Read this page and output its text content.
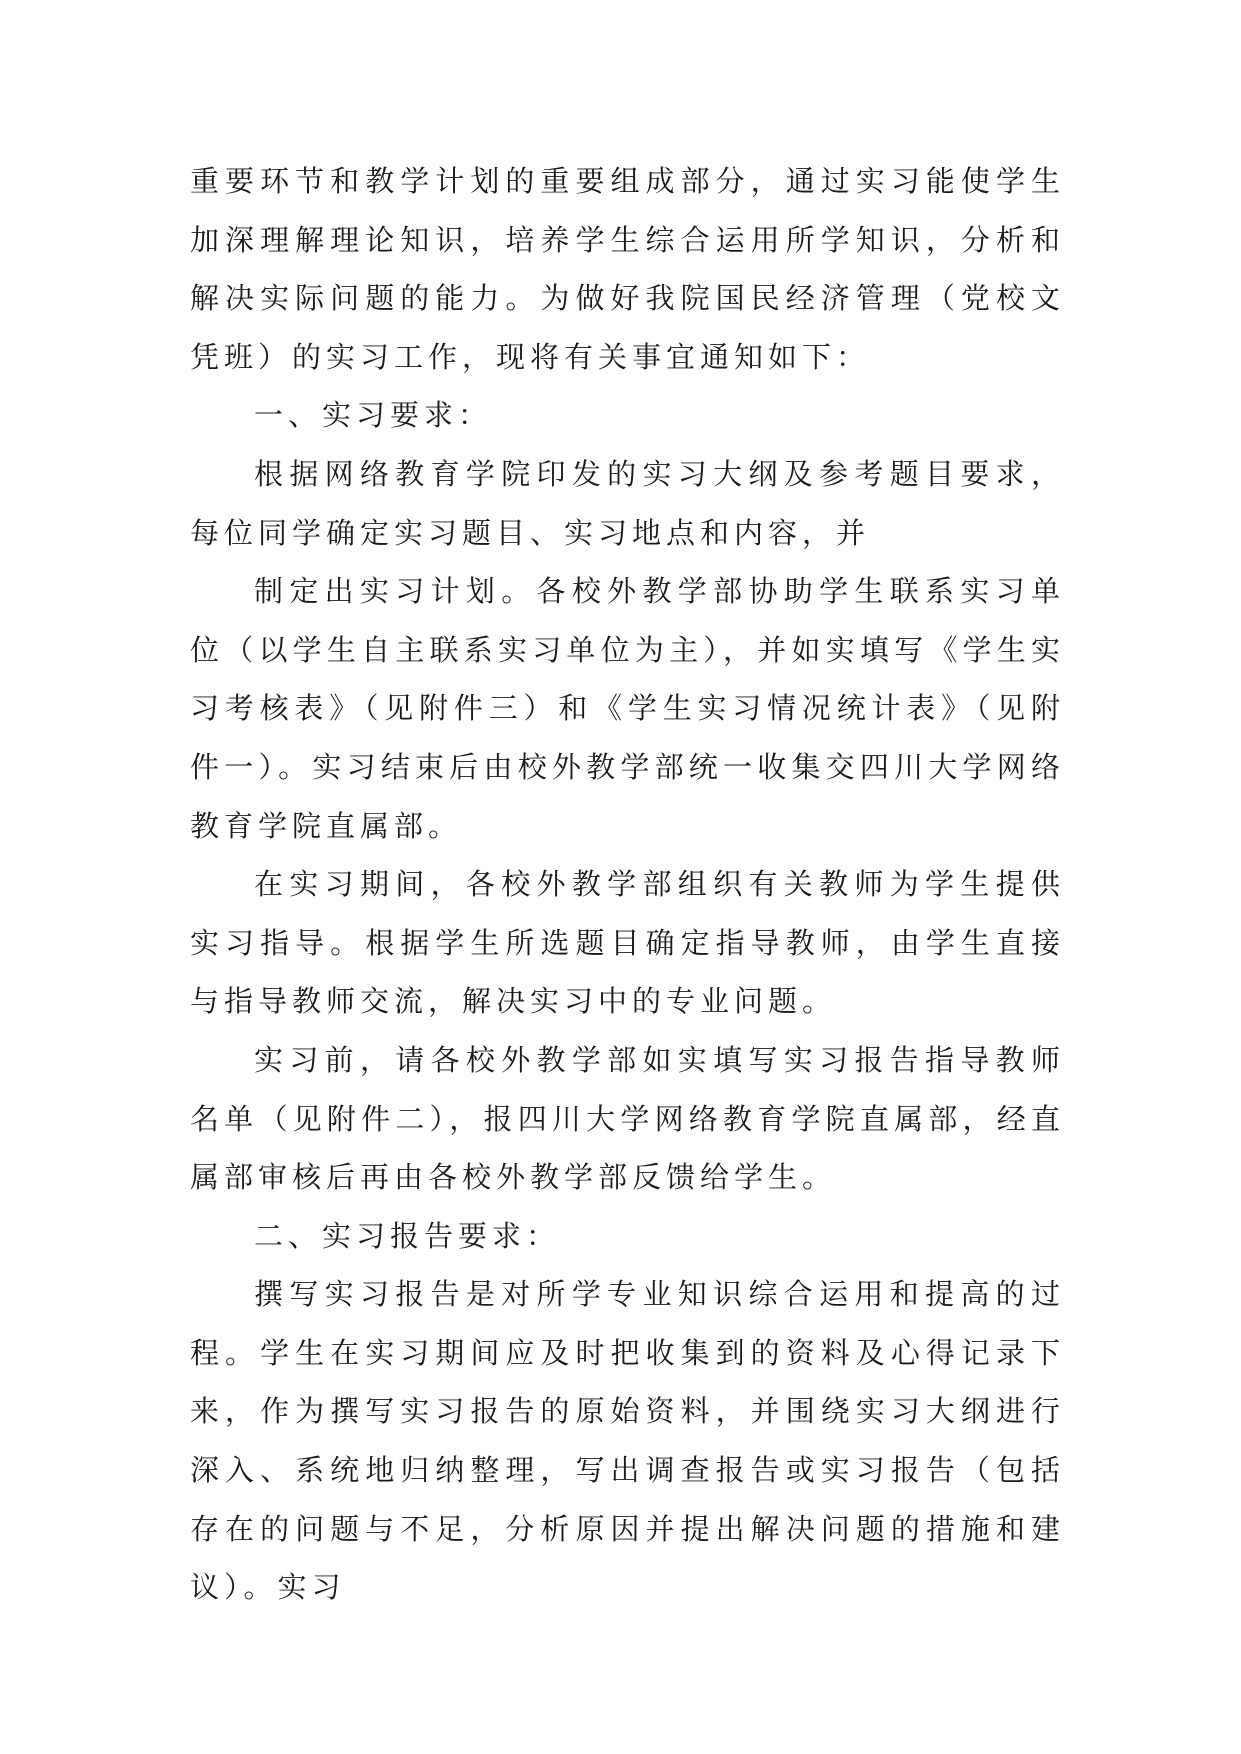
重要环节和教学计划的重要组成部分，通过实习能使学生加深理解理论知识，培养学生综合运用所学知识，分析和解决实际问题的能力。为做好我院国民经济管理（党校文凭班）的实习工作，现将有关事宜通知如下：

一、实习要求：

根据网络教育学院印发的实习大纲及参考题目要求，每位同学确定实习题目、实习地点和内容，并

制定出实习计划。各校外教学部协助学生联系实习单位（以学生自主联系实习单位为主），并如实填写《学生实习考核表》（见附件三）和《学生实习情况统计表》（见附件一）。实习结束后由校外教学部统一收集交四川大学网络教育学院直属部。

在实习期间，各校外教学部组织有关教师为学生提供实习指导。根据学生所选题目确定指导教师，由学生直接与指导教师交流，解决实习中的专业问题。

实习前，请各校外教学部如实填写实习报告指导教师名单（见附件二），报四川大学网络教育学院直属部，经直属部审核后再由各校外教学部反馈给学生。

二、实习报告要求：

撰写实习报告是对所学专业知识综合运用和提高的过程。学生在实习期间应及时把收集到的资料及心得记录下来，作为撰写实习报告的原始资料，并围绕实习大纲进行深入、系统地归纳整理，写出调查报告或实习报告（包括存在的问题与不足，分析原因并提出解决问题的措施和建议）。实习
